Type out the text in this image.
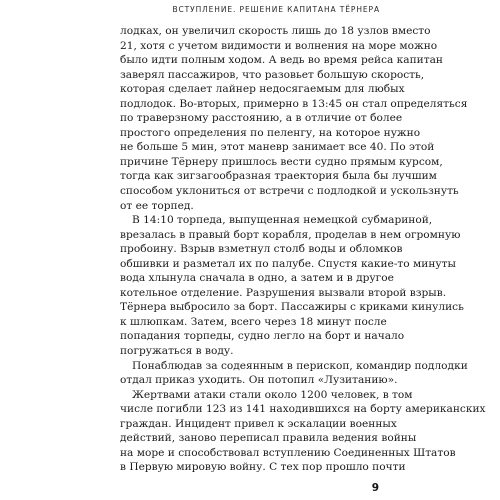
ВСТУПЛЕНИЕ. РЕШЕНИЕ КАПИТАНА ТЁРНЕРА
лодках, он увеличил скорость лишь до 18 узлов вместо
21, хотя с учетом видимости и волнения на море можно
было идти полным ходом. А ведь во время рейса капитан
заверял пассажиров, что разовьет большую скорость,
которая сделает лайнер недосягаемым для любых
подлодок. Во-вторых, примерно в 13:45 он стал определяться
по траверзному расстоянию, а в отличие от более
простого определения по пеленгу, на которое нужно
не больше 5 мин, этот маневр занимает все 40. По этой
причине Тёрнеру пришлось вести судно прямым курсом,
тогда как зигзагообразная траектория была бы лучшим
способом уклониться от встречи с подлодкой и ускользнуть
от ее торпед.
В 14:10 торпеда, выпущенная немецкой субмариной,
врезалась в правый борт корабля, проделав в нем огромную
пробоину. Взрыв взметнул столб воды и обломков
обшивки и разметал их по палубе. Спустя какие-то минуты
вода хлынула сначала в одно, а затем и в другое
котельное отделение. Разрушения вызвали второй взрыв.
Тёрнера выбросило за борт. Пассажиры с криками кинулись
к шлюпкам. Затем, всего через 18 минут после
попадания торпеды, судно легло на борт и начало
погружаться в воду.
Понаблюдав за содеянным в перископ, командир подлодки
отдал приказ уходить. Он потопил «Лузитанию».
Жертвами атаки стали около 1200 человек, в том
числе погибли 123 из 141 находившихся на борту американских
граждан. Инцидент привел к эскалации военных
действий, заново переписал правила ведения войны
на море и способствовал вступлению Соединенных Штатов
в Первую мировую войну. С тех пор прошло почти
9
